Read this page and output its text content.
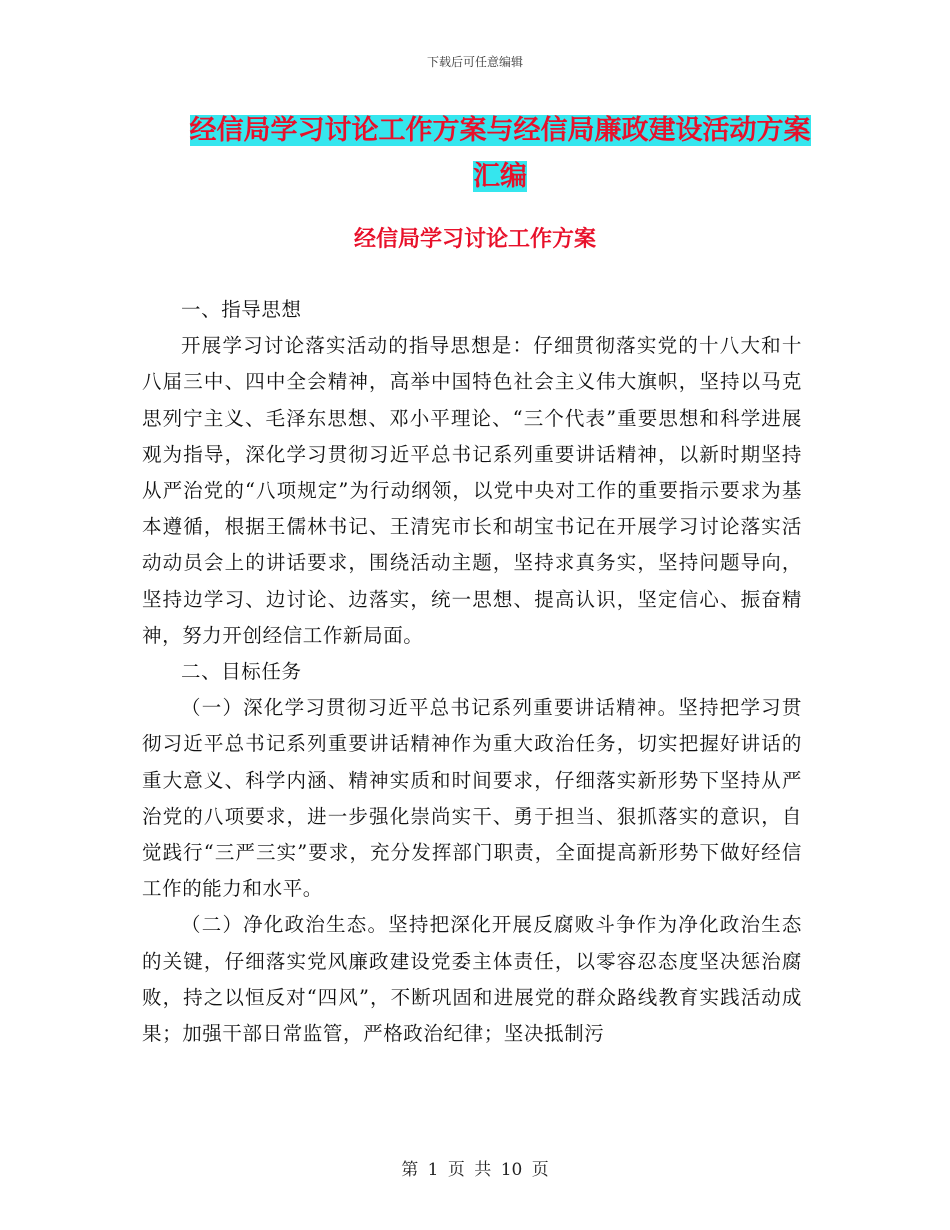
下载后可任意编辑
经信局学习讨论工作方案与经信局廉政建设活动方案
汇编
经信局学习讨论工作方案

一、指导思想

开展学习讨论落实活动的指导思想是：仔细贯彻落实党的十八大和十八届三中、四中全会精神，高举中国特色社会主义伟大旗帜，坚持以马克思列宁主义、毛泽东思想、邓小平理论、“三个代表”重要思想和科学进展观为指导，深化学习贯彻习近平总书记系列重要讲话精神，以新时期坚持从严治党的“八项规定”为行动纲领，以党中央对工作的重要指示要求为基本遵循，根据王儒林书记、王清宪市长和胡宝书记在开展学习讨论落实活动动员会上的讲话要求，围绕活动主题，坚持求真务实，坚持问题导向，坚持边学习、边讨论、边落实，统一思想、提高认识，坚定信心、振奋精神，努力开创经信工作新局面。

二、目标任务

（一）深化学习贯彻习近平总书记系列重要讲话精神。坚持把学习贯彻习近平总书记系列重要讲话精神作为重大政治任务，切实把握好讲话的重大意义、科学内涵、精神实质和时间要求，仔细落实新形势下坚持从严治党的八项要求，进一步强化崇尚实干、勇于担当、狠抓落实的意识，自觉践行“三严三实”要求，充分发挥部门职责，全面提高新形势下做好经信工作的能力和水平。

（二）净化政治生态。坚持把深化开展反腐败斗争作为净化政治生态的关键，仔细落实党风廉政建设党委主体责任，以零容忍态度坚决惩治腐败，持之以恒反对“四风”，不断巩固和进展党的群众路线教育实践活动成果；加强干部日常监管，严格政治纪律；坚决抵制污

第 1 页 共 10 页
